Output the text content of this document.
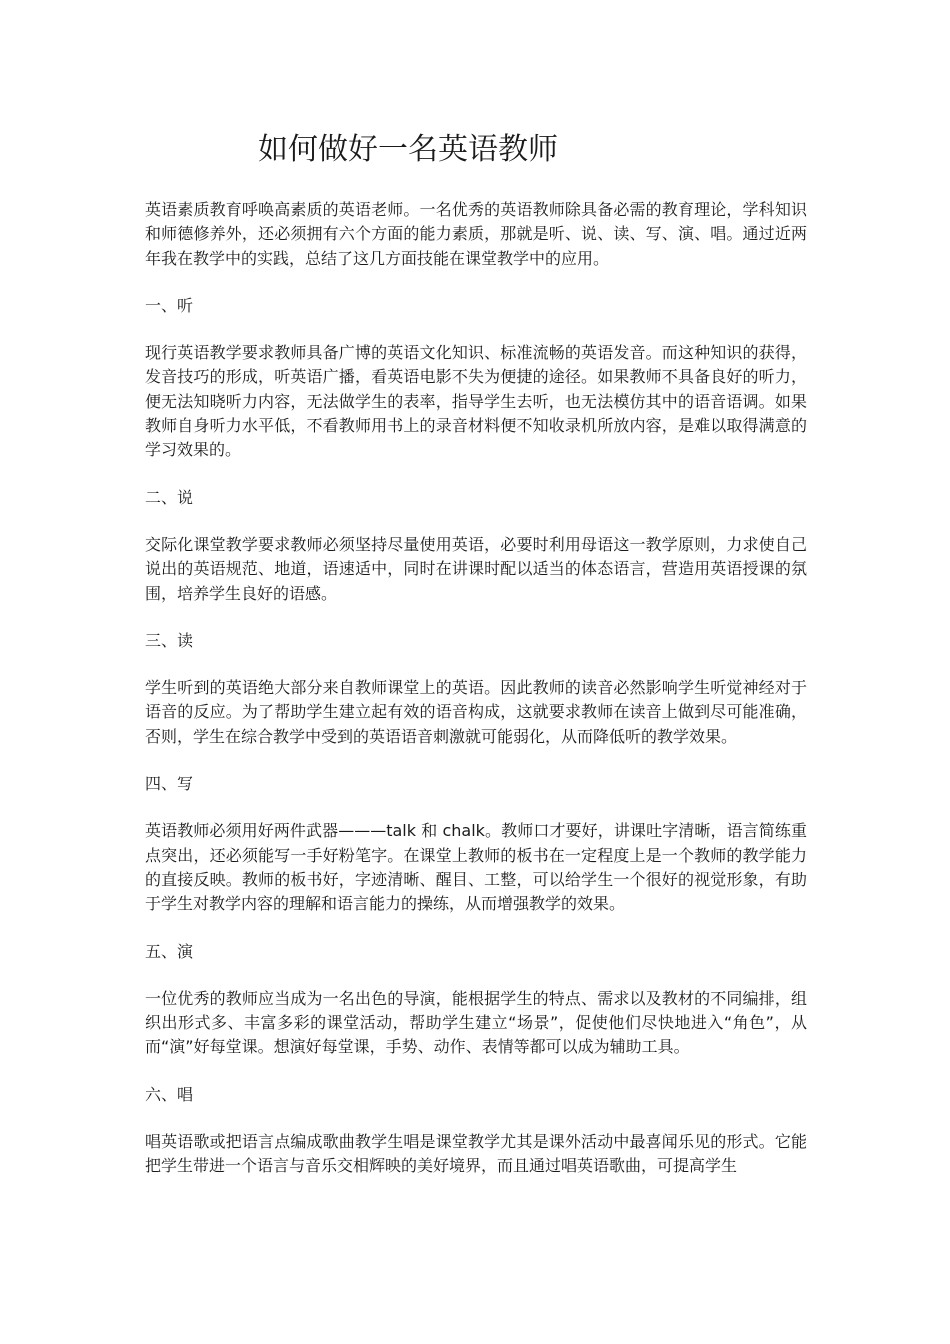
如何做好一名英语教师

英语素质教育呼唤高素质的英语老师。一名优秀的英语教师除具备必需的教育理论，学科知识和师德修养外，还必须拥有六个方面的能力素质，那就是听、说、读、写、演、唱。通过近两年我在教学中的实践，总结了这几方面技能在课堂教学中的应用。

一、听

现行英语教学要求教师具备广博的英语文化知识、标准流畅的英语发音。而这种知识的获得，发音技巧的形成，听英语广播，看英语电影不失为便捷的途径。如果教师不具备良好的听力，便无法知晓听力内容，无法做学生的表率，指导学生去听，也无法模仿其中的语音语调。如果教师自身听力水平低，不看教师用书上的录音材料便不知收录机所放内容，是难以取得满意的学习效果的。

二、说

交际化课堂教学要求教师必须坚持尽量使用英语，必要时利用母语这一教学原则，力求使自己说出的英语规范、地道，语速适中，同时在讲课时配以适当的体态语言，营造用英语授课的氛围，培养学生良好的语感。

三、读

学生听到的英语绝大部分来自教师课堂上的英语。因此教师的读音必然影响学生听觉神经对于语音的反应。为了帮助学生建立起有效的语音构成，这就要求教师在读音上做到尽可能准确，否则，学生在综合教学中受到的英语语音刺激就可能弱化，从而降低听的教学效果。

四、写

英语教师必须用好两件武器———talk 和 chalk。教师口才要好，讲课吐字清晰，语言简练重点突出，还必须能写一手好粉笔字。在课堂上教师的板书在一定程度上是一个教师的教学能力的直接反映。教师的板书好，字迹清晰、醒目、工整，可以给学生一个很好的视觉形象，有助于学生对教学内容的理解和语言能力的操练，从而增强教学的效果。

五、演

一位优秀的教师应当成为一名出色的导演，能根据学生的特点、需求以及教材的不同编排，组织出形式多、丰富多彩的课堂活动，帮助学生建立“场景”，促使他们尽快地进入“角色”，从而“演”好每堂课。想演好每堂课，手势、动作、表情等都可以成为辅助工具。

六、唱

唱英语歌或把语言点编成歌曲教学生唱是课堂教学尤其是课外活动中最喜闻乐见的形式。它能把学生带进一个语言与音乐交相辉映的美好境界，而且通过唱英语歌曲，可提高学生
